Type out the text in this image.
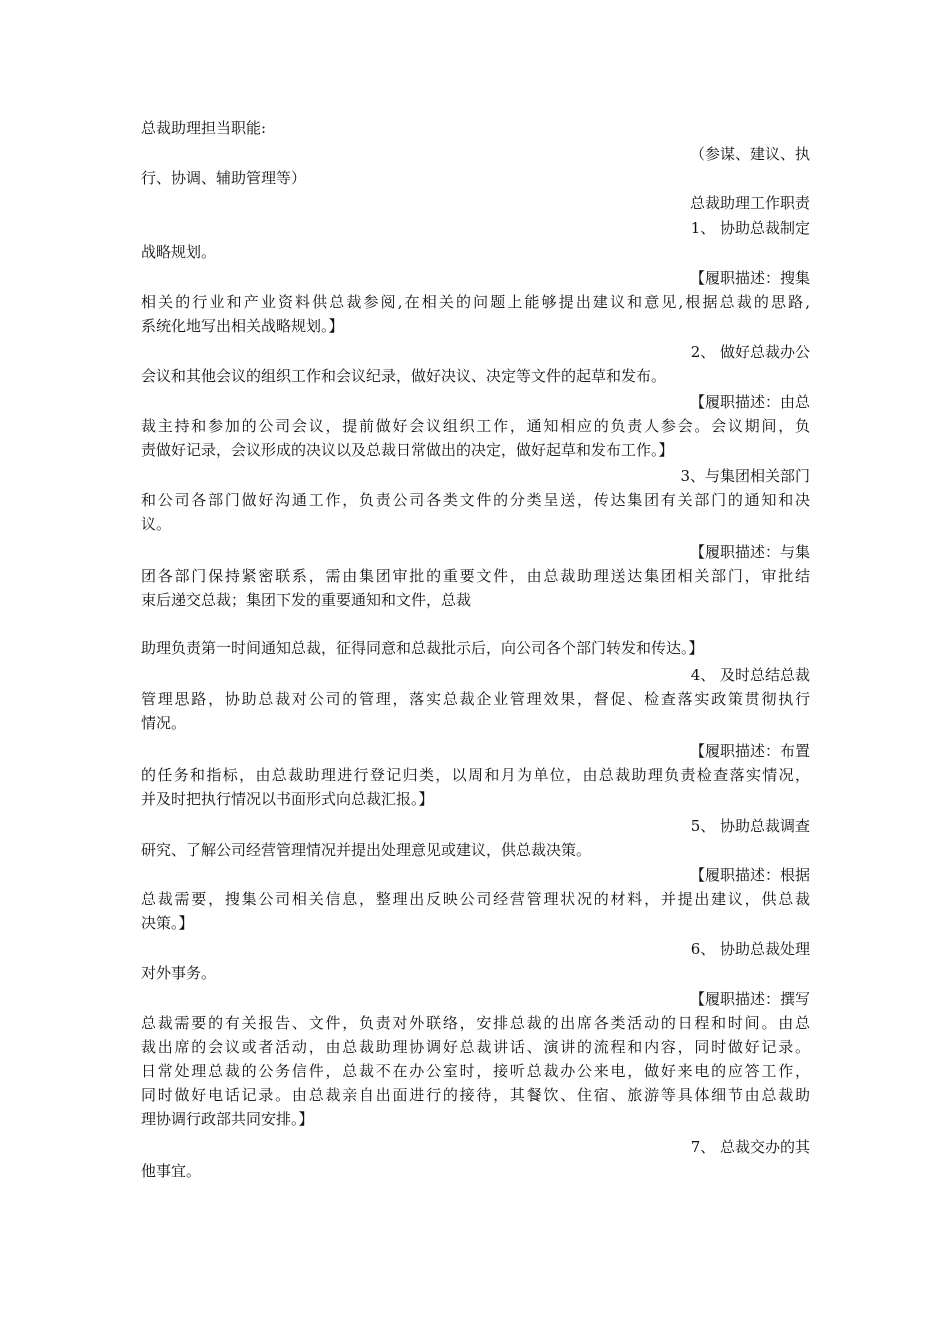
总裁助理担当职能:
（参谋、建议、执
行、协调、辅助管理等）
总裁助理工作职责
1、 协助总裁制定
战略规划。
【履职描述：搜集
相关的行业和产业资料供总裁参阅,在相关的问题上能够提出建议和意见,根据总裁的思路,
系统化地写出相关战略规划。】
2、 做好总裁办公
会议和其他会议的组织工作和会议纪录，做好决议、决定等文件的起草和发布。
【履职描述：由总
裁主持和参加的公司会议，提前做好会议组织工作，通知相应的负责人参会。会议期间，负
责做好记录，会议形成的决议以及总裁日常做出的决定，做好起草和发布工作。】
3、与集团相关部门
和公司各部门做好沟通工作，负责公司各类文件的分类呈送，传达集团有关部门的通知和决
议。
【履职描述：与集
团各部门保持紧密联系，需由集团审批的重要文件，由总裁助理送达集团相关部门，审批结
束后递交总裁；集团下发的重要通知和文件，总裁
助理负责第一时间通知总裁，征得同意和总裁批示后，向公司各个部门转发和传达。】
4、 及时总结总裁
管理思路，协助总裁对公司的管理，落实总裁企业管理效果，督促、检查落实政策贯彻执行
情况。
【履职描述：布置
的任务和指标，由总裁助理进行登记归类，以周和月为单位，由总裁助理负责检查落实情况，
并及时把执行情况以书面形式向总裁汇报。】
5、 协助总裁调查
研究、了解公司经营管理情况并提出处理意见或建议，供总裁决策。
【履职描述：根据
总裁需要，搜集公司相关信息，整理出反映公司经营管理状况的材料，并提出建议，供总裁
决策。】
6、 协助总裁处理
对外事务。
【履职描述：撰写
总裁需要的有关报告、文件，负责对外联络，安排总裁的出席各类活动的日程和时间。由总
裁出席的会议或者活动，由总裁助理协调好总裁讲话、演讲的流程和内容，同时做好记录。
日常处理总裁的公务信件，总裁不在办公室时，接听总裁办公来电，做好来电的应答工作，
同时做好电话记录。由总裁亲自出面进行的接待，其餐饮、住宿、旅游等具体细节由总裁助
理协调行政部共同安排。】
7、 总裁交办的其
他事宜。
